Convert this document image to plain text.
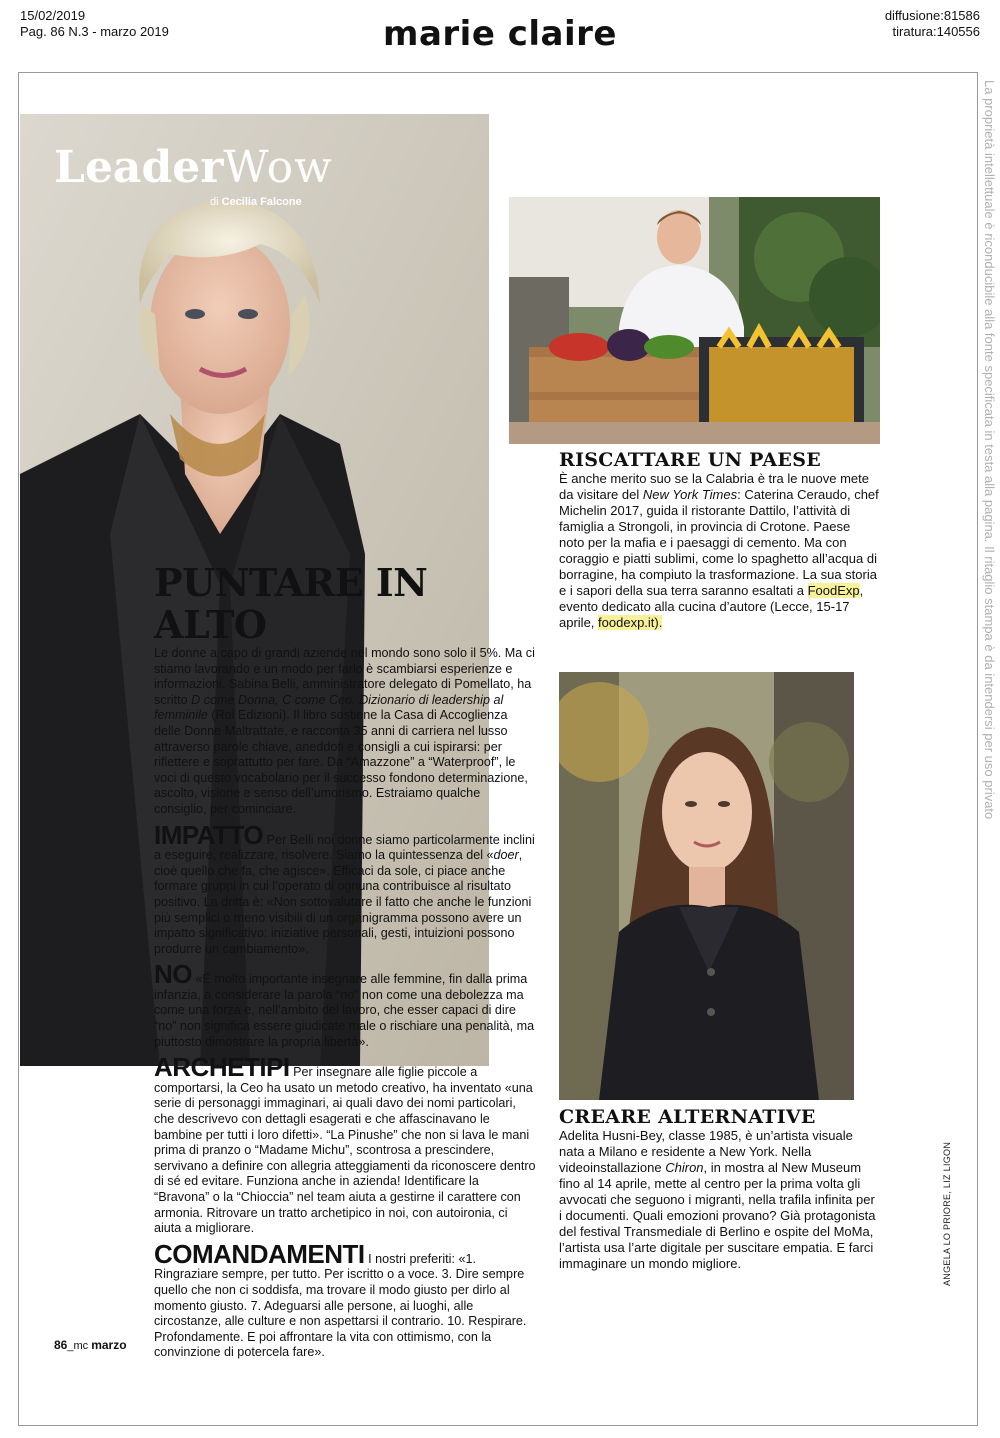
15/02/2019
Pag. 86 N.3 - marzo 2019	marie claire	diffusione:81586
tiratura:140556
La proprietà intellettuale è riconducibile alla fonte specificata in testa alla pagina. Il ritaglio stampa è da intendersi per uso privato
LeaderWow
di Cecilia Falcone
PUNTARE IN ALTO

Le donne a capo di grandi aziende nel mondo sono solo il 5%. Ma ci stiamo lavorando e un modo per farlo è scambiarsi esperienze e informazioni. Sabina Belli, amministratore delegato di Pomellato, ha scritto D come Donna, C come Ceo. Dizionario di leadership al femminile (Roi Edizioni). Il libro sostiene la Casa di Accoglienza delle Donne Maltrattate, e racconta 35 anni di carriera nel lusso attraverso parole chiave, aneddoti e consigli a cui ispirarsi: per riflettere e soprattutto per fare. Da “Amazzone” a “Waterproof”, le voci di questo vocabolario per il successo fondono determinazione, ascolto, visione e senso dell’umorismo. Estraiamo qualche consiglio, per cominciare.

IMPATTO Per Belli noi donne siamo particolarmente inclini a eseguire, realizzare, risolvere. Siamo la quintessenza del «doer, cioè quello che fa, che agisce». Efficaci da sole, ci piace anche formare gruppi in cui l’operato di ognuna contribuisce al risultato positivo. La dritta è: «Non sottovalutare il fatto che anche le funzioni più semplici o meno visibili di un organigramma possono avere un impatto significativo: iniziative personali, gesti, intuizioni possono produrre un cambiamento».

NO «È molto importante insegnare alle femmine, fin dalla prima infanzia, a considerare la parola “no” non come una debolezza ma come una forza e, nell’ambito del lavoro, che esser capaci di dire “no” non significa essere giudicate male o rischiare una penalità, ma piuttosto dimostrare la propria libertà».

ARCHETIPI Per insegnare alle figlie piccole a comportarsi, la Ceo ha usato un metodo creativo, ha inventato «una serie di personaggi immaginari, ai quali davo dei nomi particolari, che descrivevo con dettagli esagerati e che affascinavano le bambine per tutti i loro difetti». “La Pinushe” che non si lava le mani prima di pranzo o “Madame Michu”, scontrosa a prescindere, servivano a definire con allegria atteggiamenti da riconoscere dentro di sé ed evitare. Funziona anche in azienda! Identificare la “Bravona” o la “Chioccia” nel team aiuta a gestirne il carattere con armonia. Ritrovare un tratto archetipico in noi, con autoironia, ci aiuta a migliorare.

COMANDAMENTI I nostri preferiti: «1. Ringraziare sempre, per tutto. Per iscritto o a voce. 3. Dire sempre quello che non ci soddisfa, ma trovare il modo giusto per dirlo al momento giusto. 7. Adeguarsi alle persone, ai luoghi, alle circostanze, alle culture e non aspettarsi il contrario. 10. Respirare. Profondamente. E poi affrontare la vita con ottimismo, con la convinzione di potercela fare».

RISCATTARE UN PAESE
È anche merito suo se la Calabria è tra le nuove mete da visitare del New York Times: Caterina Ceraudo, chef Michelin 2017, guida il ristorante Dattilo, l’attività di famiglia a Strongoli, in provincia di Crotone. Paese noto per la mafia e i paesaggi di cemento. Ma con coraggio e piatti sublimi, come lo spaghetto all’acqua di borragine, ha compiuto la trasformazione. La sua storia e i sapori della sua terra saranno esaltati a FoodExp, evento dedicato alla cucina d’autore (Lecce, 15-17 aprile, foodexp.it).
CREARE ALTERNATIVE
Adelita Husni-Bey, classe 1985, è un’artista visuale nata a Milano e residente a New York. Nella videoinstallazione Chiron, in mostra al New Museum fino al 14 aprile, mette al centro per la prima volta gli avvocati che seguono i migranti, nella trafila infinita per i documenti. Quali emozioni provano? Già protagonista del festival Transmediale di Berlino e ospite del MoMa, l’artista usa l’arte digitale per suscitare empatia. E farci immaginare un mondo migliore.	ANGELA LO PRIORE, LIZ LIGON
86_mc marzo
